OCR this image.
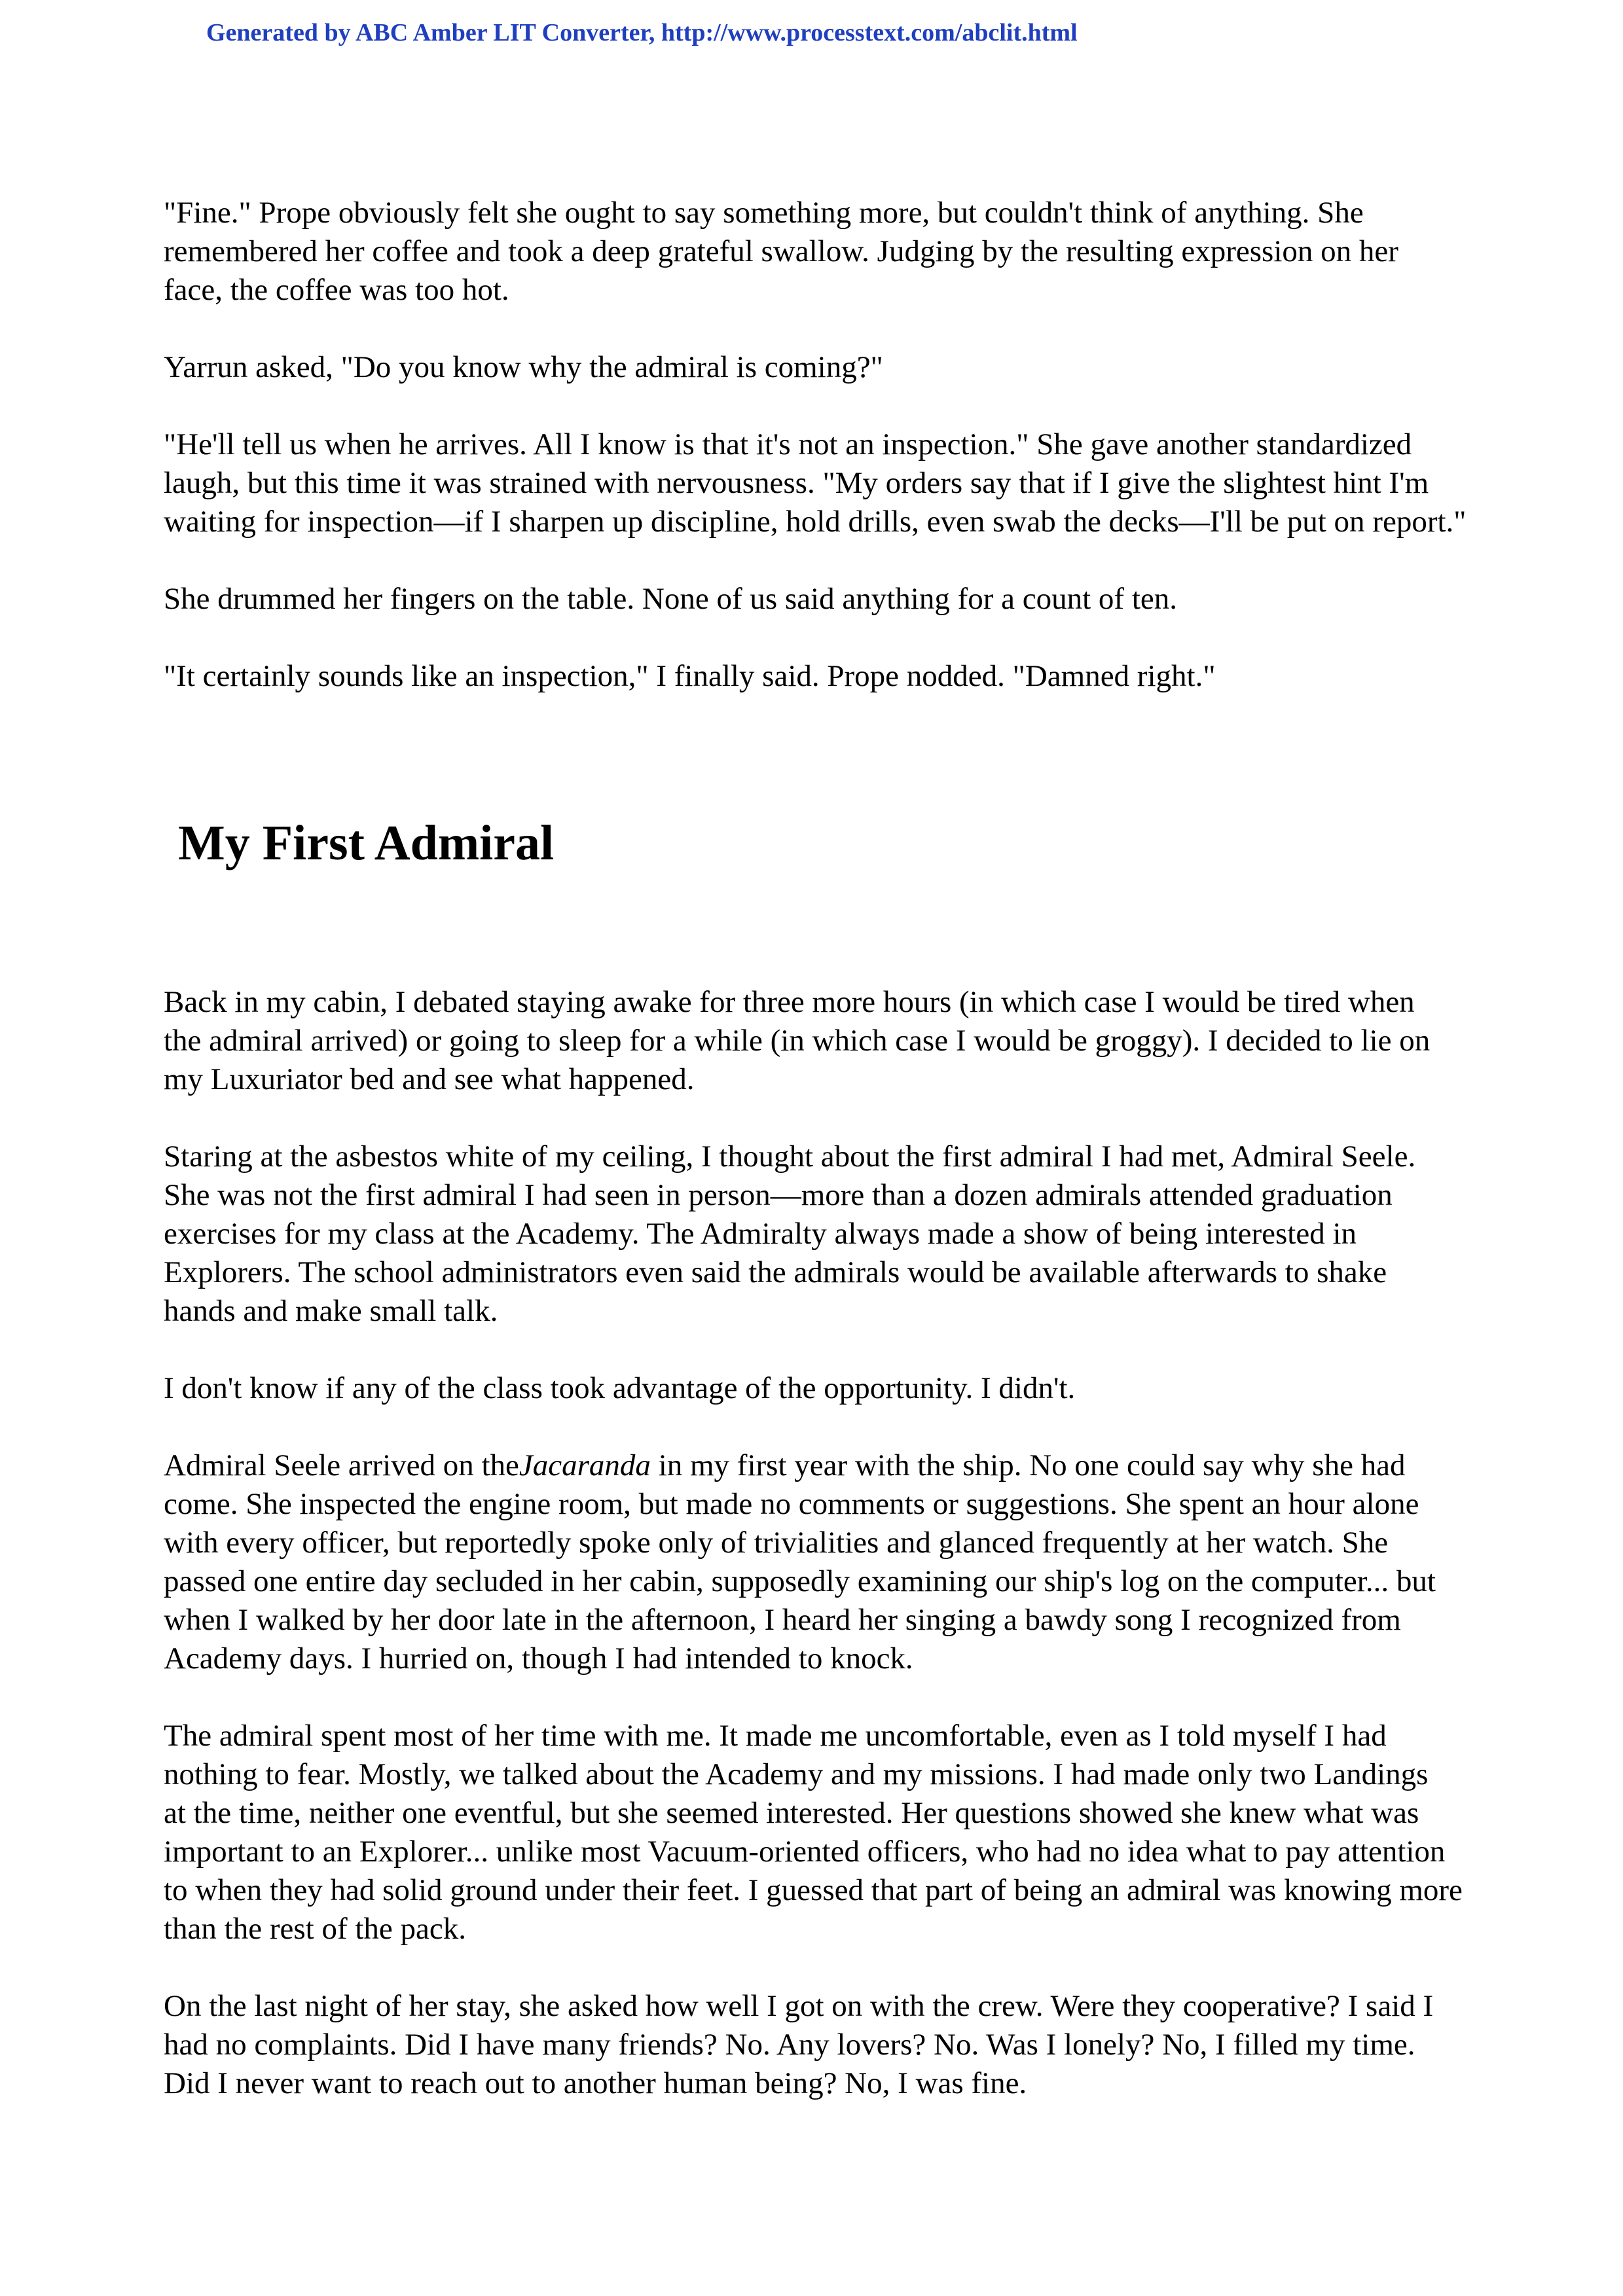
Generated by ABC Amber LIT Converter, http://www.processtext.com/abclit.html

"Fine." Prope obviously felt she ought to say something more, but couldn't think of anything. She
remembered her coffee and took a deep grateful swallow. Judging by the resulting expression on her
face, the coffee was too hot.

Yarrun asked, "Do you know why the admiral is coming?"

"He'll tell us when he arrives. All I know is that it's not an inspection." She gave another standardized
laugh, but this time it was strained with nervousness. "My orders say that if I give the slightest hint I'm
waiting for inspection—if I sharpen up discipline, hold drills, even swab the decks—I'll be put on report."

She drummed her fingers on the table. None of us said anything for a count of ten.

"It certainly sounds like an inspection," I finally said. Prope nodded. "Damned right."

My First Admiral

Back in my cabin, I debated staying awake for three more hours (in which case I would be tired when
the admiral arrived) or going to sleep for a while (in which case I would be groggy). I decided to lie on
my Luxuriator bed and see what happened.

Staring at the asbestos white of my ceiling, I thought about the first admiral I had met, Admiral Seele.
She was not the first admiral I had seen in person—more than a dozen admirals attended graduation
exercises for my class at the Academy. The Admiralty always made a show of being interested in
Explorers. The school administrators even said the admirals would be available afterwards to shake
hands and make small talk.

I don't know if any of the class took advantage of the opportunity. I didn't.

Admiral Seele arrived on theJacaranda in my first year with the ship. No one could say why she had
come. She inspected the engine room, but made no comments or suggestions. She spent an hour alone
with every officer, but reportedly spoke only of trivialities and glanced frequently at her watch. She
passed one entire day secluded in her cabin, supposedly examining our ship's log on the computer... but
when I walked by her door late in the afternoon, I heard her singing a bawdy song I recognized from
Academy days. I hurried on, though I had intended to knock.

The admiral spent most of her time with me. It made me uncomfortable, even as I told myself I had
nothing to fear. Mostly, we talked about the Academy and my missions. I had made only two Landings
at the time, neither one eventful, but she seemed interested. Her questions showed she knew what was
important to an Explorer... unlike most Vacuum-oriented officers, who had no idea what to pay attention
to when they had solid ground under their feet. I guessed that part of being an admiral was knowing more
than the rest of the pack.

On the last night of her stay, she asked how well I got on with the crew. Were they cooperative? I said I
had no complaints. Did I have many friends? No. Any lovers? No. Was I lonely? No, I filled my time.
Did I never want to reach out to another human being? No, I was fine.
